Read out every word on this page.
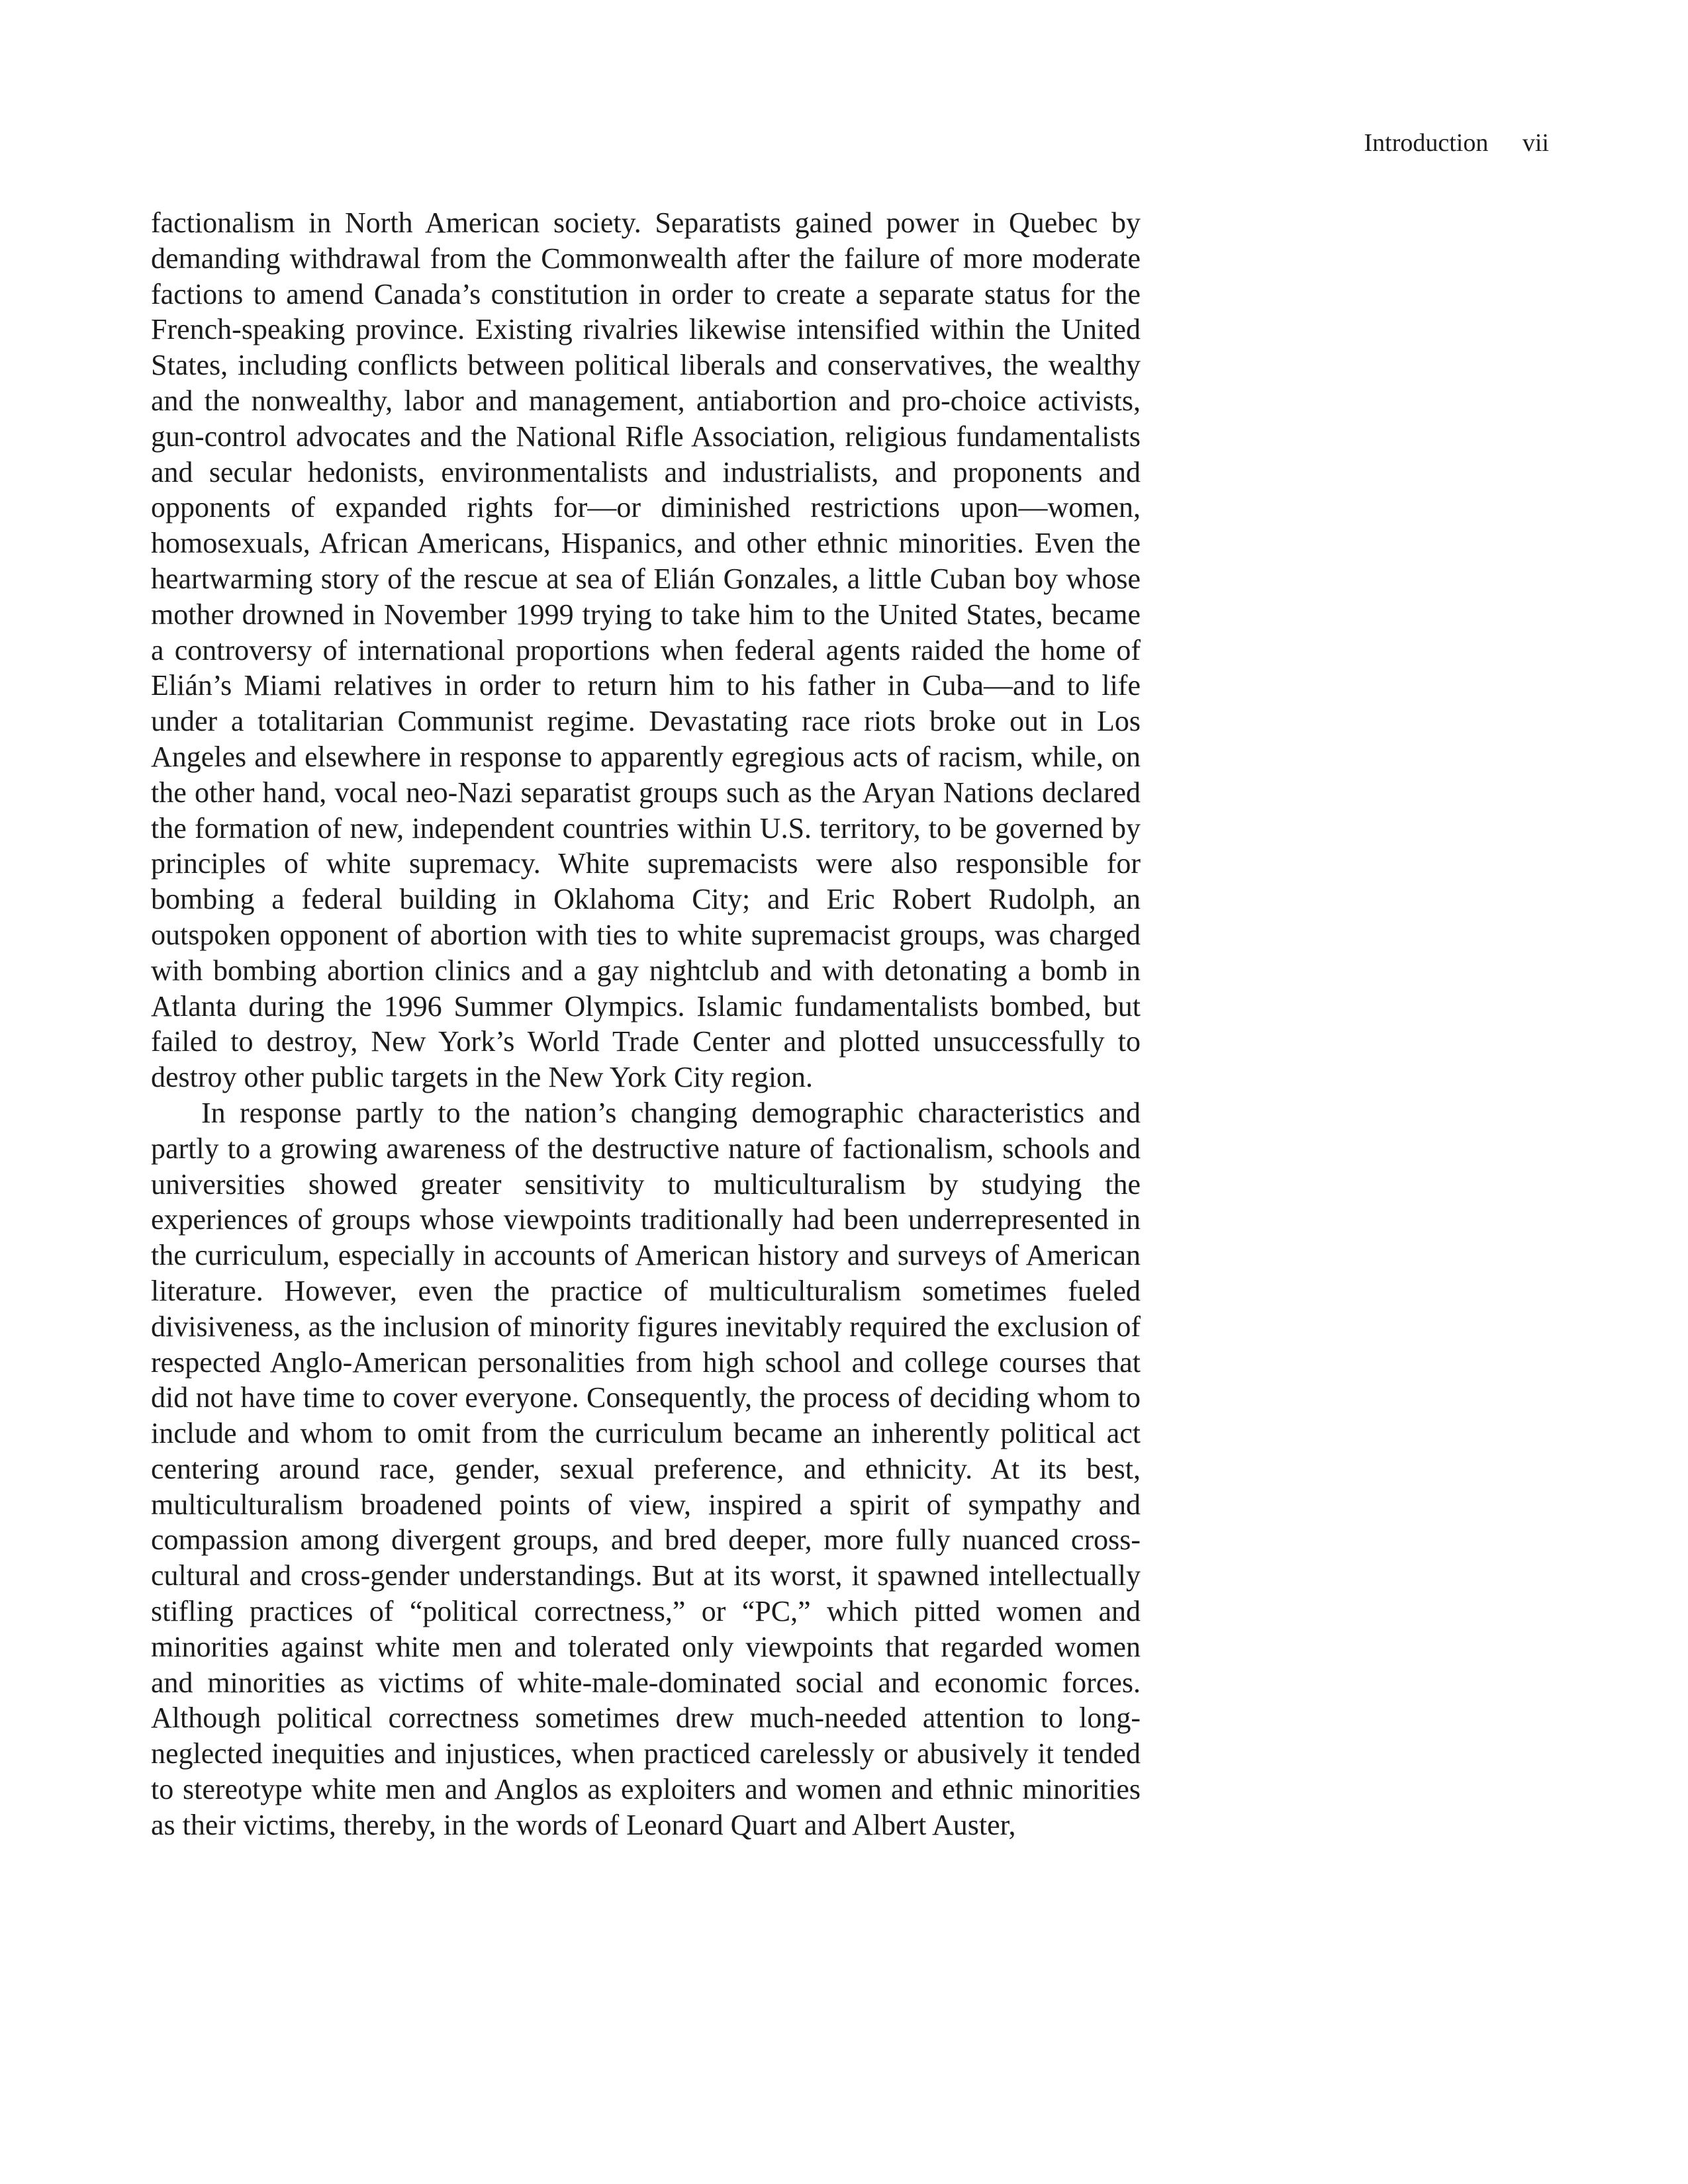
Introduction vii

factionalism in North American society. Separatists gained power in Quebec by demanding withdrawal from the Commonwealth after the failure of more moderate factions to amend Canada’s constitution in order to create a separate status for the French-speaking province. Existing rivalries likewise intensified within the United States, including conflicts between political liberals and conservatives, the wealthy and the nonwealthy, labor and management, antiabortion and pro-choice activists, gun-control advocates and the National Rifle Association, religious fundamentalists and secular hedonists, environmentalists and industrialists, and proponents and opponents of expanded rights for—or diminished restrictions upon—women, homosexuals, African Americans, Hispanics, and other ethnic minorities. Even the heartwarming story of the rescue at sea of Elián Gonzales, a little Cuban boy whose mother drowned in November 1999 trying to take him to the United States, became a controversy of international proportions when federal agents raided the home of Elián’s Miami relatives in order to return him to his father in Cuba—and to life under a totalitarian Communist regime. Devastating race riots broke out in Los Angeles and elsewhere in response to apparently egregious acts of racism, while, on the other hand, vocal neo-Nazi separatist groups such as the Aryan Nations declared the formation of new, independent countries within U.S. territory, to be governed by principles of white supremacy. White supremacists were also responsible for bombing a federal building in Oklahoma City; and Eric Robert Rudolph, an outspoken opponent of abortion with ties to white supremacist groups, was charged with bombing abortion clinics and a gay nightclub and with detonating a bomb in Atlanta during the 1996 Summer Olympics. Islamic fundamentalists bombed, but failed to destroy, New York’s World Trade Center and plotted unsuccessfully to destroy other public targets in the New York City region.

In response partly to the nation’s changing demographic characteristics and partly to a growing awareness of the destructive nature of factionalism, schools and universities showed greater sensitivity to multiculturalism by studying the experiences of groups whose viewpoints traditionally had been underrepresented in the curriculum, especially in accounts of American history and surveys of American literature. However, even the practice of multiculturalism sometimes fueled divisiveness, as the inclusion of minority figures inevitably required the exclusion of respected Anglo-American personalities from high school and college courses that did not have time to cover everyone. Consequently, the process of deciding whom to include and whom to omit from the curriculum became an inherently political act centering around race, gender, sexual preference, and ethnicity. At its best, multiculturalism broadened points of view, inspired a spirit of sympathy and compassion among divergent groups, and bred deeper, more fully nuanced cross-cultural and cross-gender understandings. But at its worst, it spawned intellectually stifling practices of “political correctness,” or “PC,” which pitted women and minorities against white men and tolerated only viewpoints that regarded women and minorities as victims of white-male-dominated social and economic forces. Although political correctness sometimes drew much-needed attention to long-neglected inequities and injustices, when practiced carelessly or abusively it tended to stereotype white men and Anglos as exploiters and women and ethnic minorities as their victims, thereby, in the words of Leonard Quart and Albert Auster,
